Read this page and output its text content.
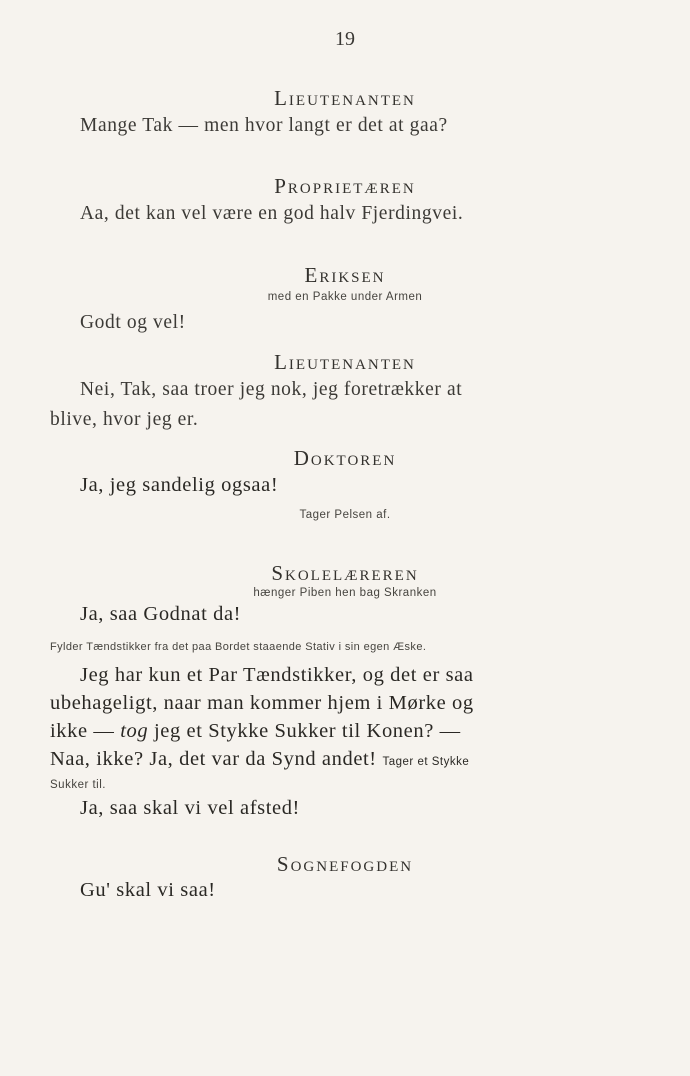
19
Lieutenanten
Mange Tak — men hvor langt er det at gaa?
Proprietæren
Aa, det kan vel være en god halv Fjerdingvei.
Eriksen
med en Pakke under Armen
Godt og vel!
Lieutenanten
Nei, Tak, saa troer jeg nok, jeg foretrækker at
blive, hvor jeg er.
Doktoren
Ja, jeg sandelig ogsaa!
Tager Pelsen af.
Skolelæreren
hænger Piben hen bag Skranken
Ja, saa Godnat da!
Fylder Tændstikker fra det paa Bordet staaende Stativ i sin egen Æske.
Jeg har kun et Par Tændstikker, og det er saa
ubehageligt, naar man kommer hjem i Mørke og
ikke — tog jeg et Stykke Sukker til Konen? —
Naa, ikke? Ja, det var da Synd andet! Tager et Stykke
Sukker til.
Ja, saa skal vi vel afsted!
Sognefogden
Gu' skal vi saa!
